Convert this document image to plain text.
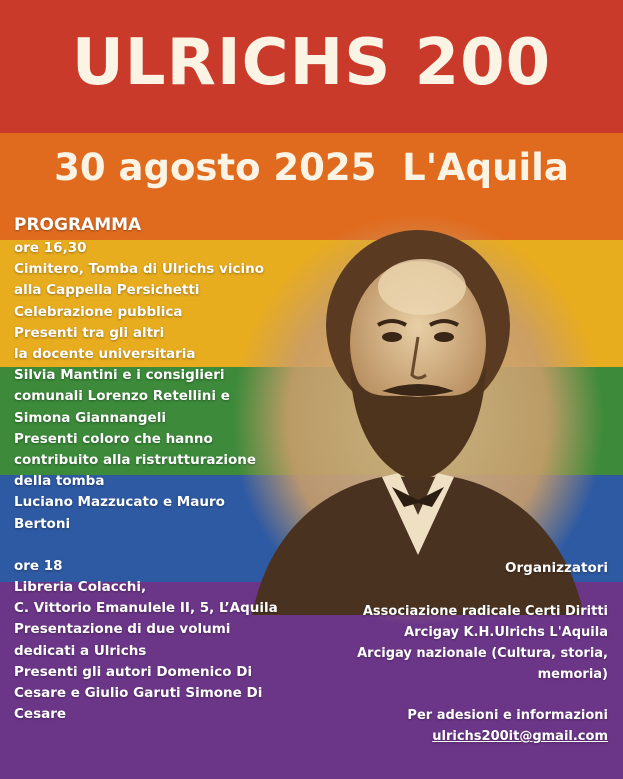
ULRICHS 200
30 agosto 2025  L'Aquila
PROGRAMMA
ore 16,30
Cimitero, Tomba di Ulrichs vicino
alla Cappella Persichetti
Celebrazione pubblica
Presenti tra gli altri
la docente universitaria
Silvia Mantini e i consiglieri
comunali Lorenzo Retellini e
Simona Giannangeli
Presenti coloro che hanno
contribuito alla ristrutturazione
della tomba
Luciano Mazzucato e Mauro
Bertoni
ore 18
Libreria Colacchi,
C. Vittorio Emanulele II, 5, L’Aquila
Presentazione di due volumi
dedicati a Ulrichs
Presenti gli autori Domenico Di
Cesare e Giulio Garuti Simone Di
Cesare
Organizzatori
Associazione radicale Certi Diritti
Arcigay K.H.Ulrichs L'Aquila
Arcigay nazionale (Cultura, storia,
memoria)
Per adesioni e informazioni
ulrichs200it@gmail.com
